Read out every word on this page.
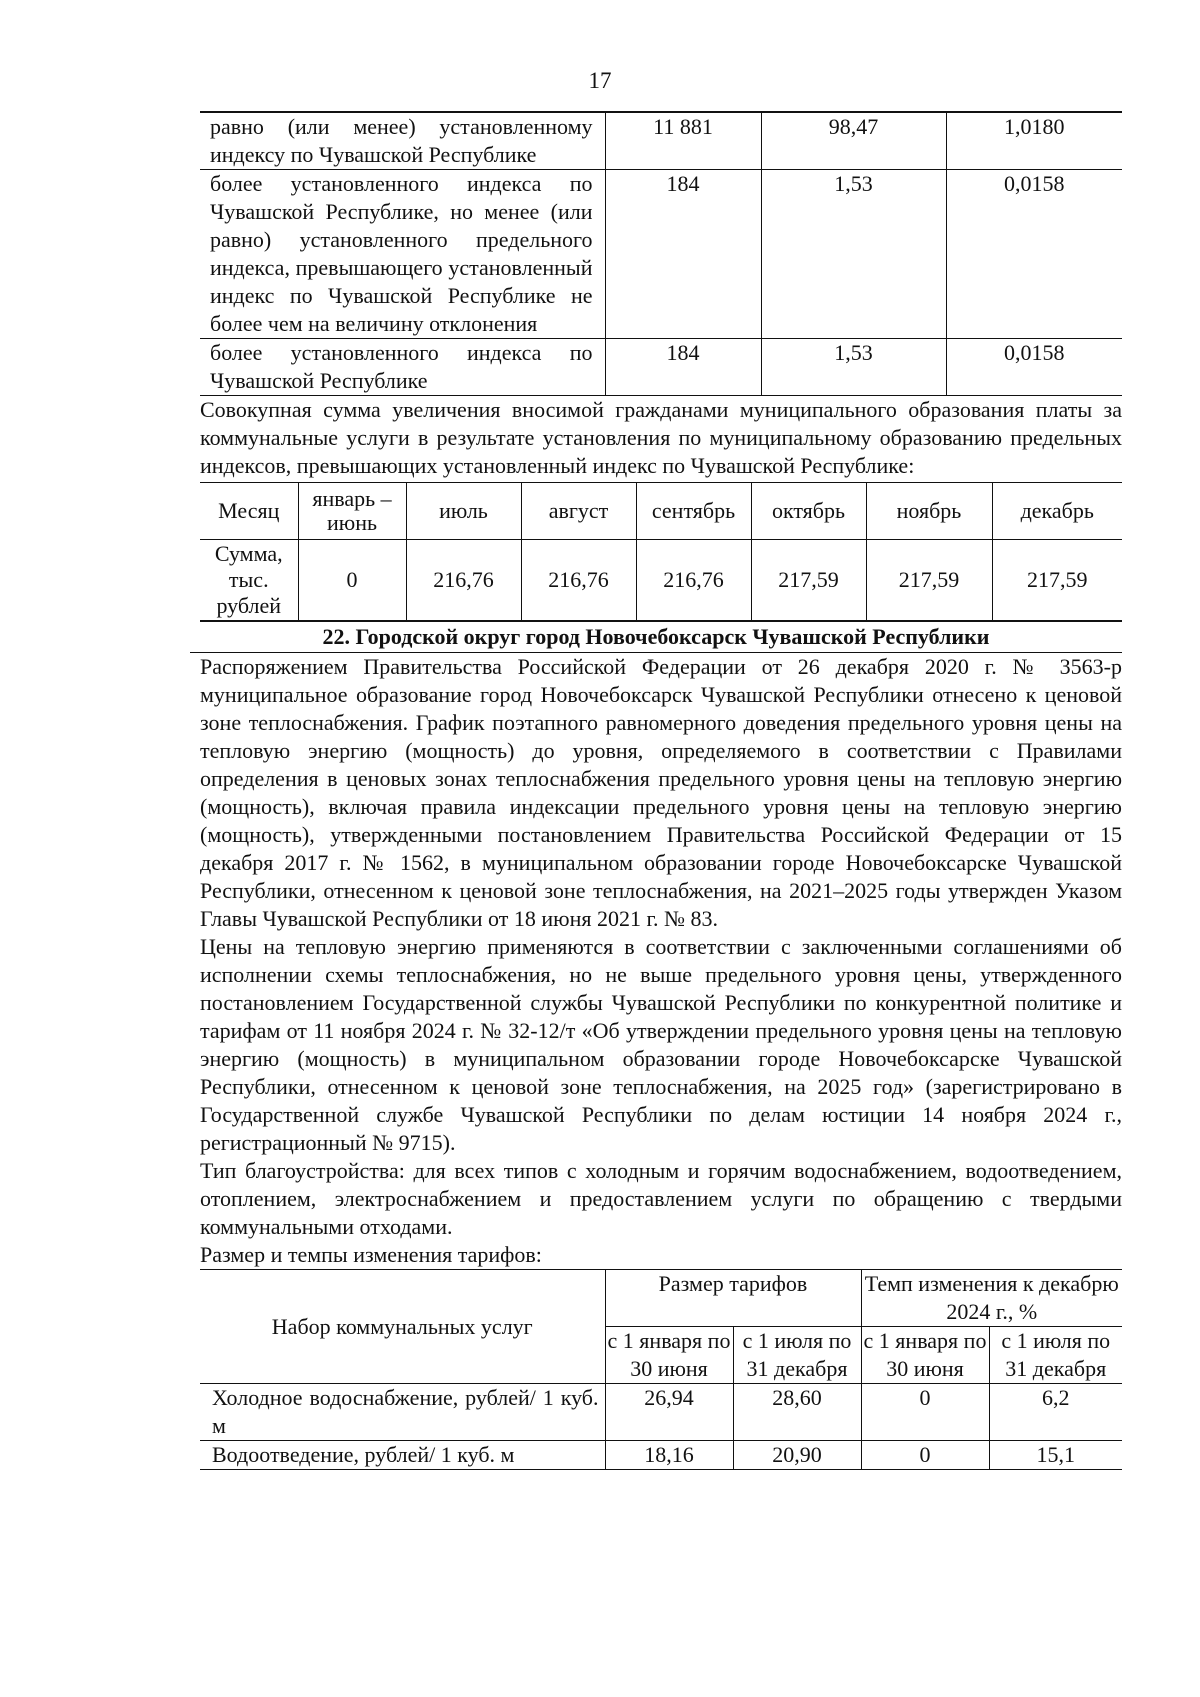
17
равно (или менее) установленному индексу по Чувашской Республике	11 881	98,47	1,0180
более установленного индекса по Чувашской Республике, но менее (или равно) установленного предельного индекса, превышающего установленный индекс по Чувашской Республике не более чем на величину отклонения	184	1,53	0,0158
более установленного индекса по Чувашской Республике	184	1,53	0,0158

Совокупная сумма увеличения вносимой гражданами муниципального образования платы за коммунальные услуги в результате установления по муниципальному образованию предельных индексов, превышающих установленный индекс по Чувашской Республике:

Месяц	январь – июнь	июль	август	сентябрь	октябрь	ноябрь	декабрь
Сумма, тыс. рублей	0	216,76	216,76	216,76	217,59	217,59	217,59

22. Городской округ город Новочебоксарск Чувашской Республики

Распоряжением Правительства Российской Федерации от 26 декабря 2020 г. № 3563-р муниципальное образование город Новочебоксарск Чувашской Республики отнесено к ценовой зоне теплоснабжения. График поэтапного равномерного доведения предельного уровня цены на тепловую энергию (мощность) до уровня, определяемого в соответствии с Правилами определения в ценовых зонах теплоснабжения предельного уровня цены на тепловую энергию (мощность), включая правила индексации предельного уровня цены на тепловую энергию (мощность), утвержденными постановлением Правительства Российской Федерации от 15 декабря 2017 г. № 1562, в муниципальном образовании городе Новочебоксарске Чувашской Республики, отнесенном к ценовой зоне теплоснабжения, на 2021–2025 годы утвержден Указом Главы Чувашской Республики от 18 июня 2021 г. № 83.

Цены на тепловую энергию применяются в соответствии с заключенными соглашениями об исполнении схемы теплоснабжения, но не выше предельного уровня цены, утвержденного постановлением Государственной службы Чувашской Республики по конкурентной политике и тарифам от 11 ноября 2024 г. № 32-12/т «Об утверждении предельного уровня цены на тепловую энергию (мощность) в муниципальном образовании городе Новочебоксарске Чувашской Республики, отнесенном к ценовой зоне теплоснабжения, на 2025 год» (зарегистрировано в Государственной службе Чувашской Республики по делам юстиции 14 ноября 2024 г., регистрационный № 9715).

Тип благоустройства: для всех типов с холодным и горячим водоснабжением, водоотведением, отоплением, электроснабжением и предоставлением услуги по обращению с твердыми коммунальными отходами.

Размер и темпы изменения тарифов:

Набор коммунальных услуг	Размер тарифов		Темп изменения к декабрю 2024 г., %	
	с 1 января по 30 июня	с 1 июля по 31 декабря	с 1 января по 30 июня	с 1 июля по 31 декабря
Холодное водоснабжение, рублей/ 1 куб. м	26,94	28,60	0	6,2
Водоотведение, рублей/ 1 куб. м	18,16	20,90	0	15,1
